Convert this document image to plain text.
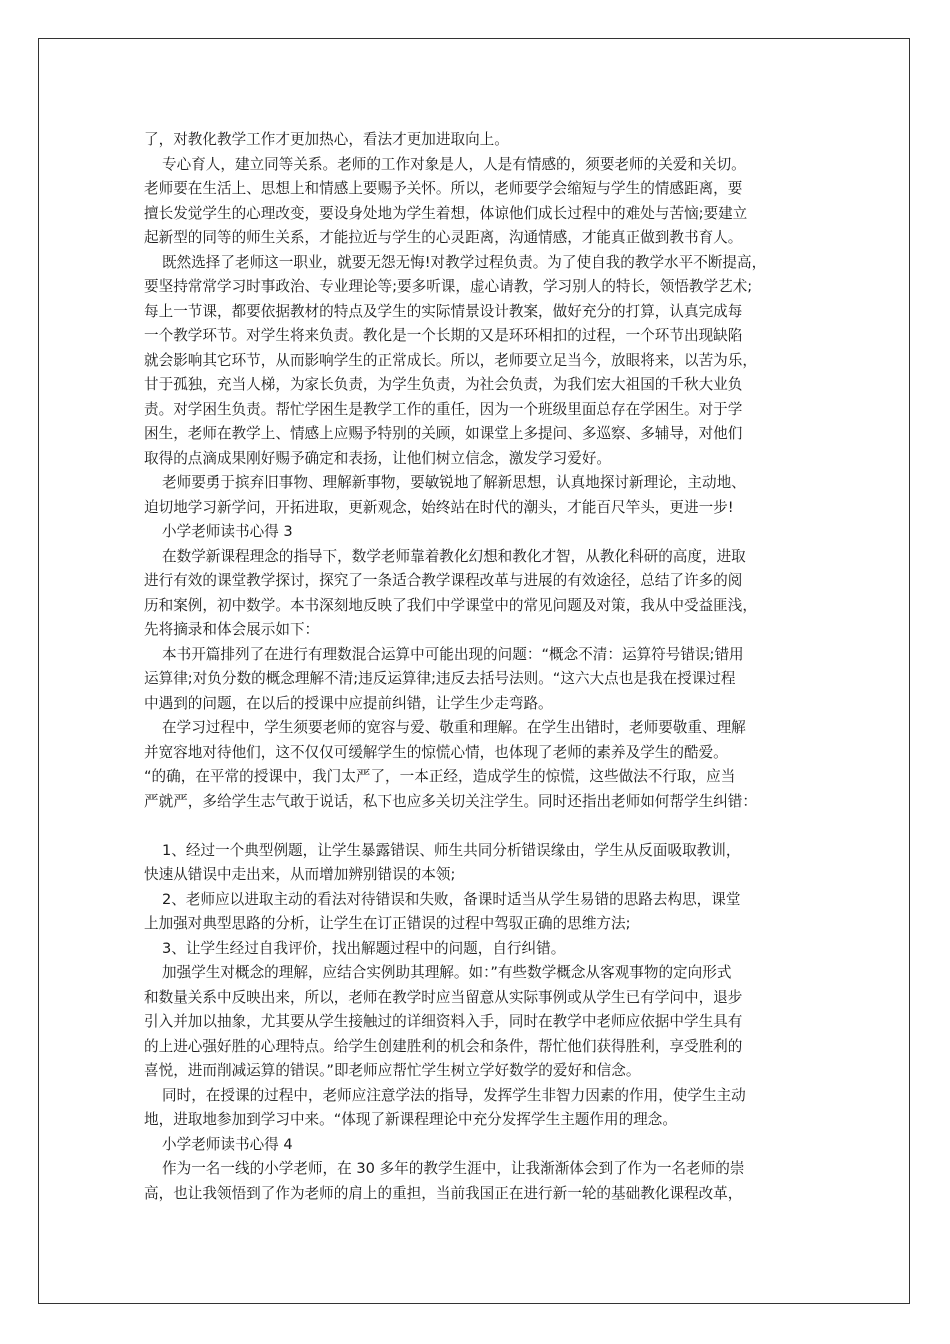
了，对教化教学工作才更加热心，看法才更加进取向上。
专心育人，建立同等关系。老师的工作对象是人，人是有情感的，须要老师的关爱和关切。
老师要在生活上、思想上和情感上要赐予关怀。所以，老师要学会缩短与学生的情感距离，要
擅长发觉学生的心理改变，要设身处地为学生着想，体谅他们成长过程中的难处与苦恼;要建立
起新型的同等的师生关系，才能拉近与学生的心灵距离，沟通情感，才能真正做到教书育人。
既然选择了老师这一职业，就要无怨无悔!对教学过程负责。为了使自我的教学水平不断提高，
要坚持常常学习时事政治、专业理论等;要多听课，虚心请教，学习别人的特长，领悟教学艺术;
每上一节课，都要依据教材的特点及学生的实际情景设计教案，做好充分的打算，认真完成每
一个教学环节。对学生将来负责。教化是一个长期的又是环环相扣的过程，一个环节出现缺陷
就会影响其它环节，从而影响学生的正常成长。所以，老师要立足当今，放眼将来，以苦为乐，
甘于孤独，充当人梯，为家长负责，为学生负责，为社会负责，为我们宏大祖国的千秋大业负
责。对学困生负责。帮忙学困生是教学工作的重任，因为一个班级里面总存在学困生。对于学
困生，老师在教学上、情感上应赐予特别的关顾，如课堂上多提问、多巡察、多辅导，对他们
取得的点滴成果刚好赐予确定和表扬，让他们树立信念，激发学习爱好。
老师要勇于摈弃旧事物、理解新事物，要敏锐地了解新思想，认真地探讨新理论，主动地、
迫切地学习新学问，开拓进取，更新观念，始终站在时代的潮头，才能百尺竿头，更进一步!
小学老师读书心得 3
在数学新课程理念的指导下，数学老师靠着教化幻想和教化才智，从教化科研的高度，进取
进行有效的课堂教学探讨，探究了一条适合教学课程改革与进展的有效途径，总结了许多的阅
历和案例，初中数学。本书深刻地反映了我们中学课堂中的常见问题及对策，我从中受益匪浅，
先将摘录和体会展示如下：
本书开篇排列了在进行有理数混合运算中可能出现的问题：“概念不清：运算符号错误;错用
运算律;对负分数的概念理解不清;违反运算律;违反去括号法则。“这六大点也是我在授课过程
中遇到的问题，在以后的授课中应提前纠错，让学生少走弯路。
在学习过程中，学生须要老师的宽容与爱、敬重和理解。在学生出错时，老师要敬重、理解
并宽容地对待他们，这不仅仅可缓解学生的惊慌心情，也体现了老师的素养及学生的酷爱。
“的确，在平常的授课中，我门太严了，一本正经，造成学生的惊慌，这些做法不行取，应当
严就严，多给学生志气敢于说话，私下也应多关切关注学生。同时还指出老师如何帮学生纠错：
1、经过一个典型例题，让学生暴露错误、师生共同分析错误缘由，学生从反面吸取教训，
快速从错误中走出来，从而增加辨别错误的本领;
2、老师应以进取主动的看法对待错误和失败，备课时适当从学生易错的思路去构思，课堂
上加强对典型思路的分析，让学生在订正错误的过程中驾驭正确的思维方法;
3、让学生经过自我评价，找出解题过程中的问题，自行纠错。
加强学生对概念的理解，应结合实例助其理解。如：”有些数学概念从客观事物的定向形式
和数量关系中反映出来，所以，老师在教学时应当留意从实际事例或从学生已有学问中，退步
引入并加以抽象，尤其要从学生接触过的详细资料入手，同时在教学中老师应依据中学生具有
的上进心强好胜的心理特点。给学生创建胜利的机会和条件，帮忙他们获得胜利，享受胜利的
喜悦，进而削减运算的错误。”即老师应帮忙学生树立学好数学的爱好和信念。
同时，在授课的过程中，老师应注意学法的指导，发挥学生非智力因素的作用，使学生主动
地，进取地参加到学习中来。“体现了新课程理论中充分发挥学生主题作用的理念。
小学老师读书心得 4
作为一名一线的小学老师，在 30 多年的教学生涯中，让我渐渐体会到了作为一名老师的崇
高，也让我领悟到了作为老师的肩上的重担，当前我国正在进行新一轮的基础教化课程改革，
